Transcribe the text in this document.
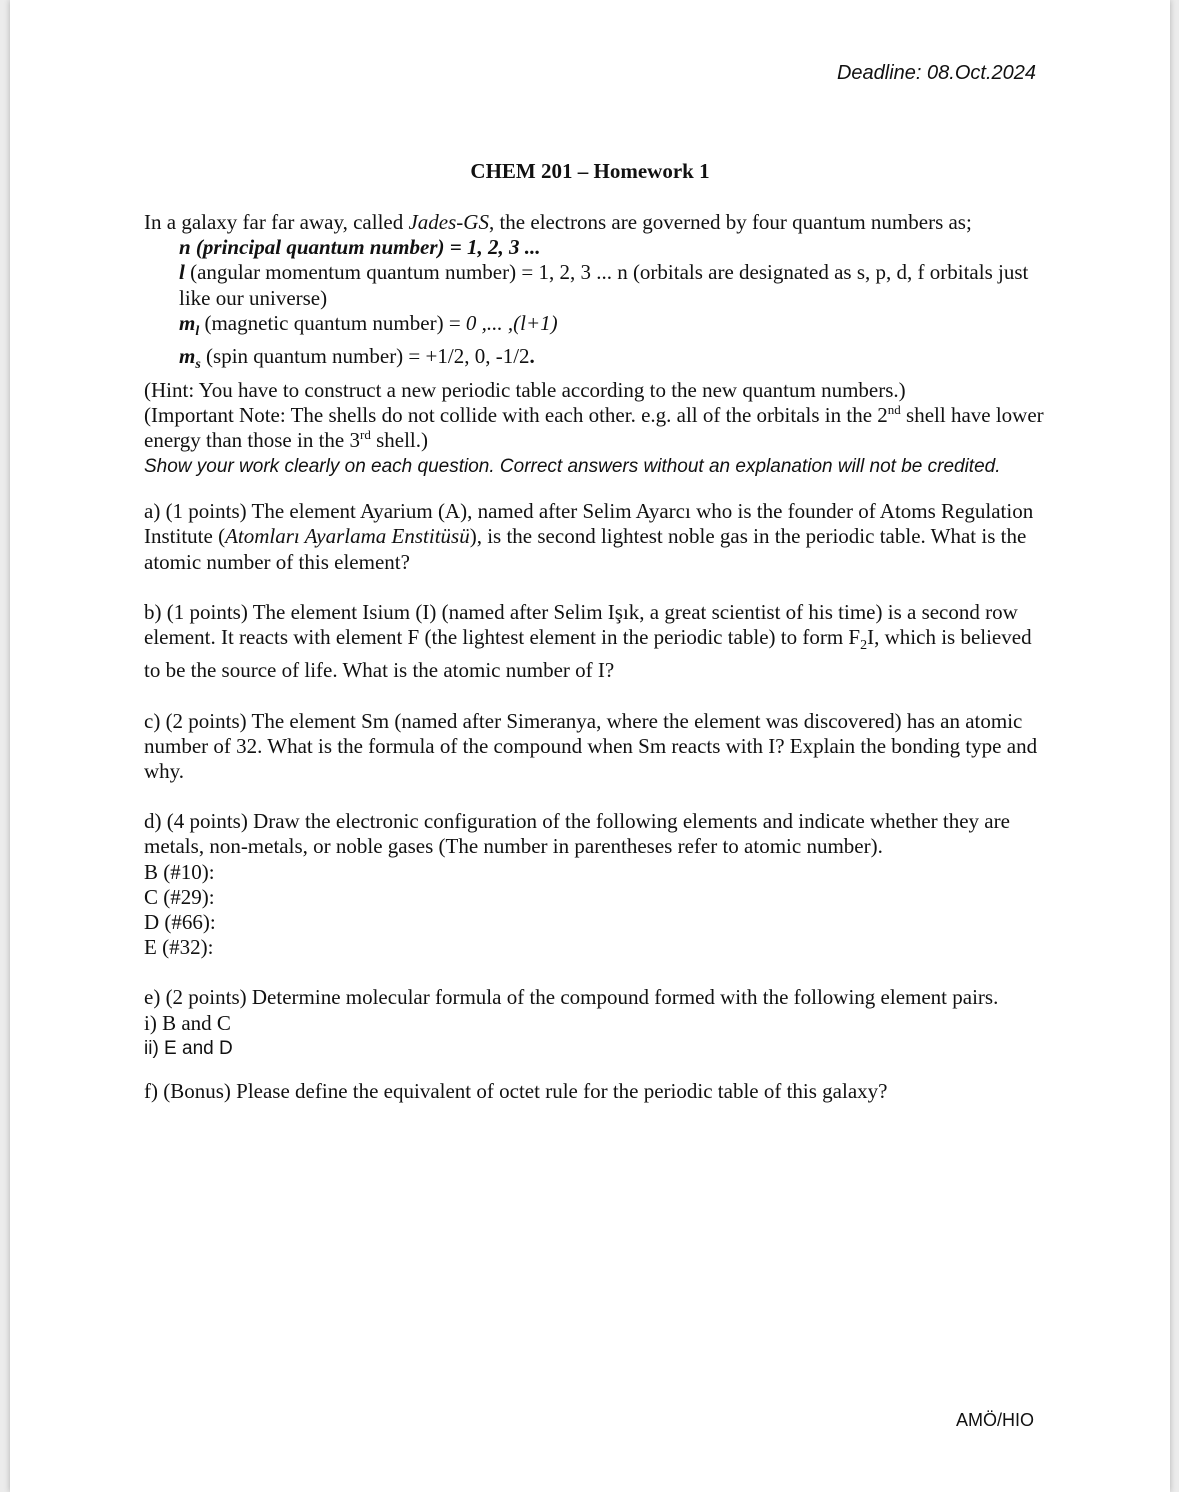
Deadline: 08.Oct.2024
CHEM 201 – Homework 1
In a galaxy far far away, called Jades-GS, the electrons are governed by four quantum numbers as;
n (principal quantum number) = 1, 2, 3 ...
l (angular momentum quantum number) = 1, 2, 3 ... n (orbitals are designated as s, p, d, f orbitals just like our universe)
$m_l$ (magnetic quantum number) = 0 ,... ,(l+1)
$m_s$ (spin quantum number) = +1/2, 0, -1/2.
(Hint: You have to construct a new periodic table according to the new quantum numbers.)
(Important Note: The shells do not collide with each other. e.g. all of the orbitals in the 2nd shell have lower energy than those in the 3rd shell.)
Show your work clearly on each question. Correct answers without an explanation will not be credited.
a) (1 points) The element Ayarium (A), named after Selim Ayarcı who is the founder of Atoms Regulation Institute (Atomları Ayarlama Enstitüsü), is the second lightest noble gas in the periodic table. What is the atomic number of this element?
b) (1 points) The element Isium (I) (named after Selim Işık, a great scientist of his time) is a second row element. It reacts with element F (the lightest element in the periodic table) to form $F_2I$, which is believed to be the source of life. What is the atomic number of I?
c) (2 points) The element Sm (named after Simeranya, where the element was discovered) has an atomic number of 32. What is the formula of the compound when Sm reacts with I? Explain the bonding type and why.
d) (4 points) Draw the electronic configuration of the following elements and indicate whether they are metals, non-metals, or noble gases (The number in parentheses refer to atomic number).
B (#10):
C (#29):
D (#66):
E (#32):
e) (2 points) Determine molecular formula of the compound formed with the following element pairs.
i) B and C
ii) E and D
f) (Bonus) Please define the equivalent of octet rule for the periodic table of this galaxy?
AMÖ/HIO
